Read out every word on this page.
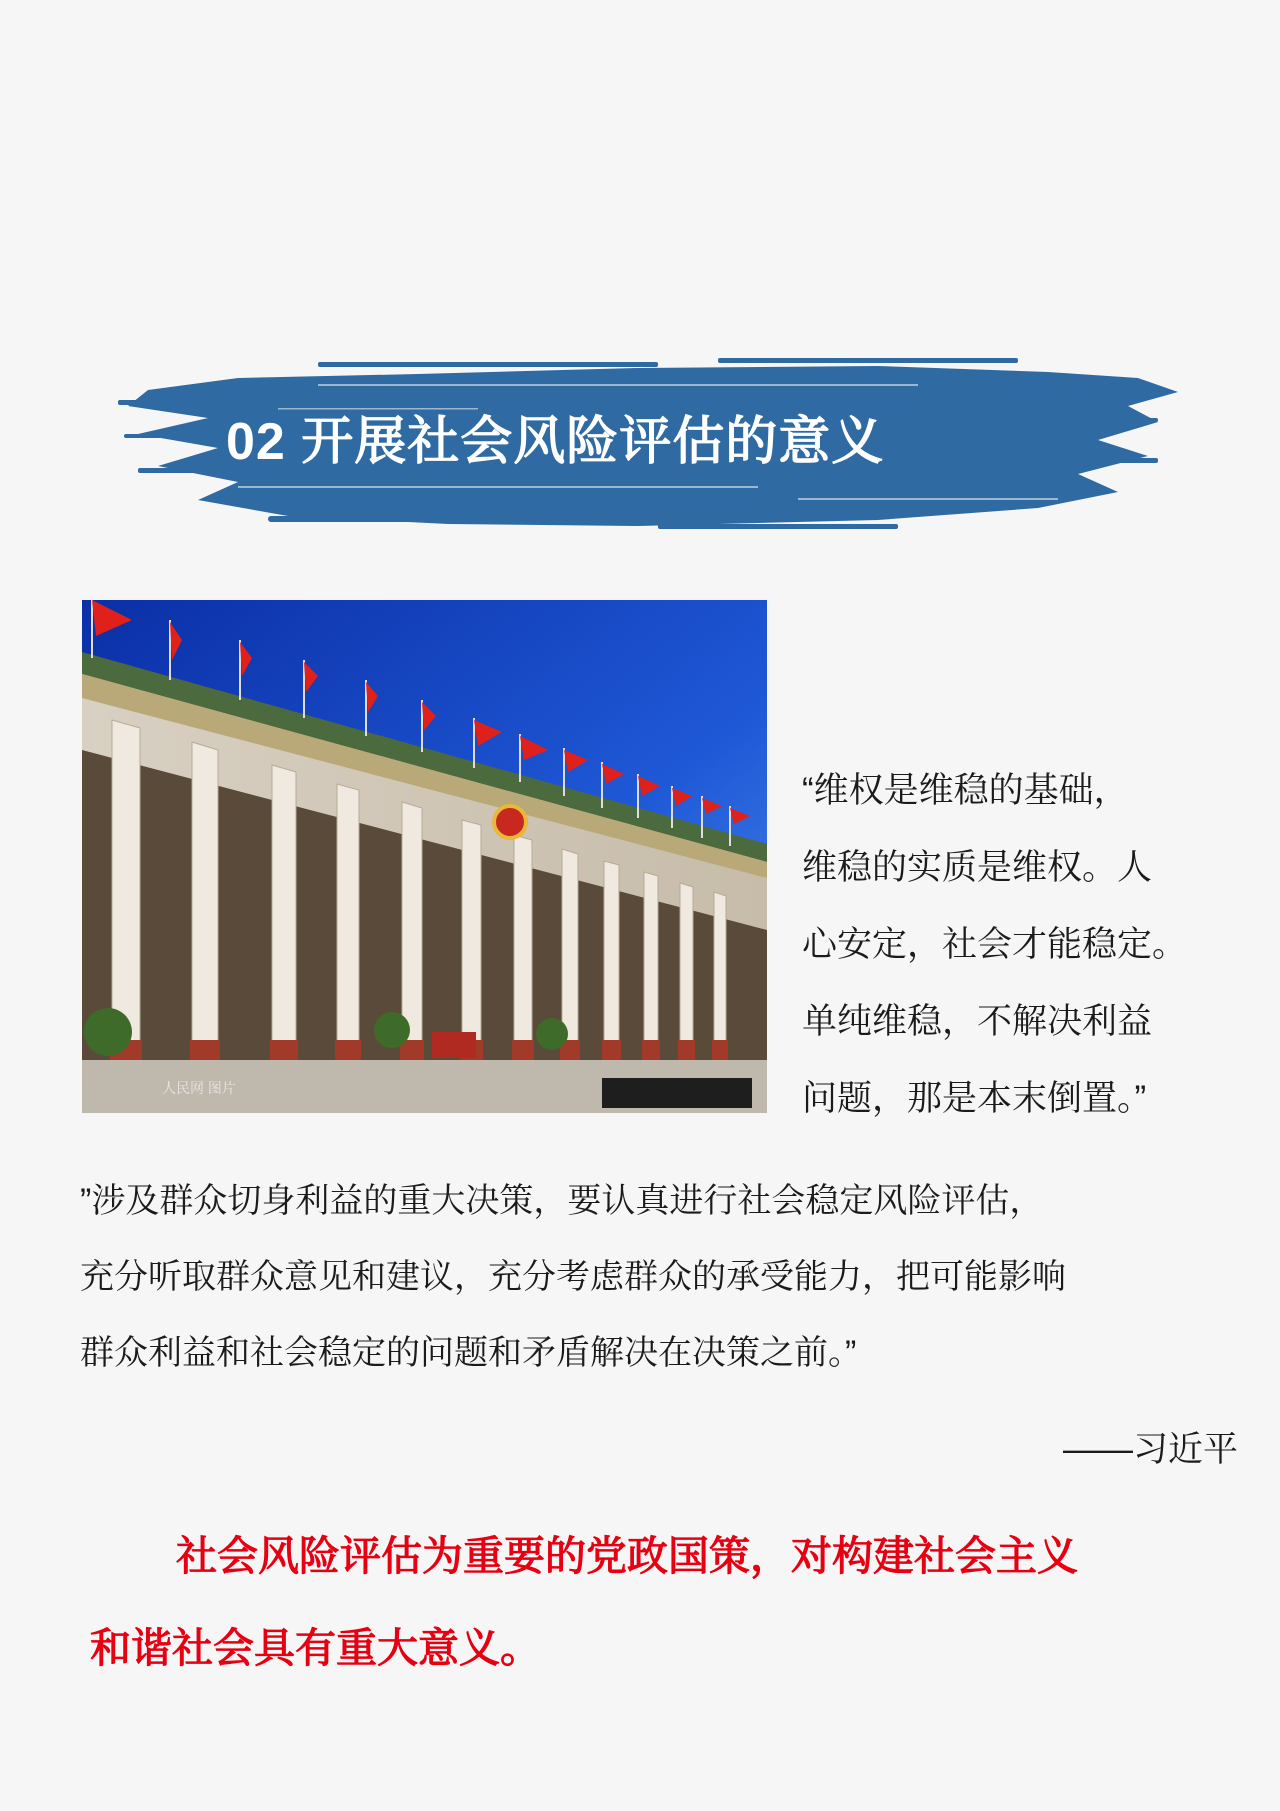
02 开展社会风险评估的意义
人民网 图片

“维权是维稳的基础，

维稳的实质是维权。人

心安定，社会才能稳定。

单纯维稳，不解决利益

问题，那是本末倒置。”

”涉及群众切身利益的重大决策，要认真进行社会稳定风险评估，

充分听取群众意见和建议，充分考虑群众的承受能力，把可能影响

群众利益和社会稳定的问题和矛盾解决在决策之前。”

——习近平

社会风险评估为重要的党政国策，对构建社会主义

和谐社会具有重大意义。
